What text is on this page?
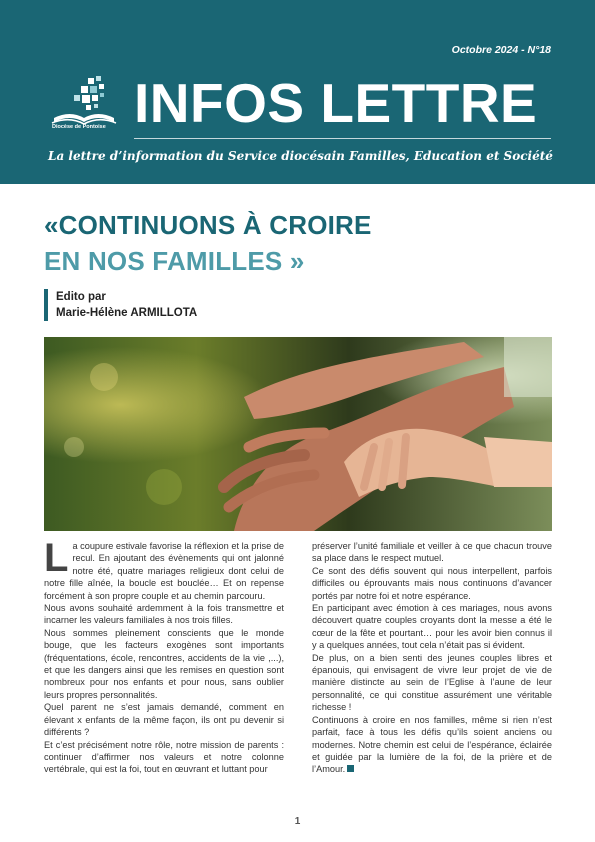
Octobre 2024 - N°18
Diocèse de Pontoise INFOS LETTRE
La lettre d’information du Service diocésain Familles, Education et Société
«CONTINUONS À CROIRE
EN NOS FAMILLES »
Edito par
Marie-Hélène ARMILLOTA

La coupure estivale favorise la réflexion et la prise de recul. En ajoutant des évènements qui ont jalonné notre été, quatre mariages religieux dont celui de notre fille aînée, la boucle est bouclée… Et on repense forcément à son propre couple et au chemin parcouru.

Nous avons souhaité ardemment à la fois transmettre et incarner les valeurs familiales à nos trois filles.

Nous sommes pleinement conscients que le monde bouge, que les facteurs exogènes sont importants (fréquentations, école, rencontres, accidents de la vie ,...), et que les dangers ainsi que les remises en question sont nombreux pour nos enfants et pour nous, sans oublier leurs propres personnalités.

Quel parent ne s’est jamais demandé, comment en élevant x enfants de la même façon, ils ont pu devenir si différents ?

Et c’est précisément notre rôle, notre mission de parents : continuer d’affirmer nos valeurs et notre colonne vertébrale, qui est la foi, tout en œuvrant et luttant pour

préserver l’unité familiale et veiller à ce que chacun trouve sa place dans le respect mutuel.

Ce sont des défis souvent qui nous interpellent, parfois difficiles ou éprouvants mais nous continuons d’avancer portés par notre foi et notre espérance.

En participant avec émotion à ces mariages, nous avons découvert quatre couples croyants dont la messe a été le cœur de la fête et pourtant… pour les avoir bien connus il y a quelques années, tout cela n’était pas si évident.

De plus, on a bien senti des jeunes couples libres et épanouis, qui envisagent de vivre leur projet de vie de manière distincte au sein de l’Eglise à l’aune de leur personnalité, ce qui constitue assurément une véritable richesse !

Continuons à croire en nos familles, même si rien n’est parfait, face à tous les défis qu’ils soient anciens ou modernes. Notre chemin est celui de l’espérance, éclairée et guidée par la lumière de la foi, de la prière et de l’Amour.

1
